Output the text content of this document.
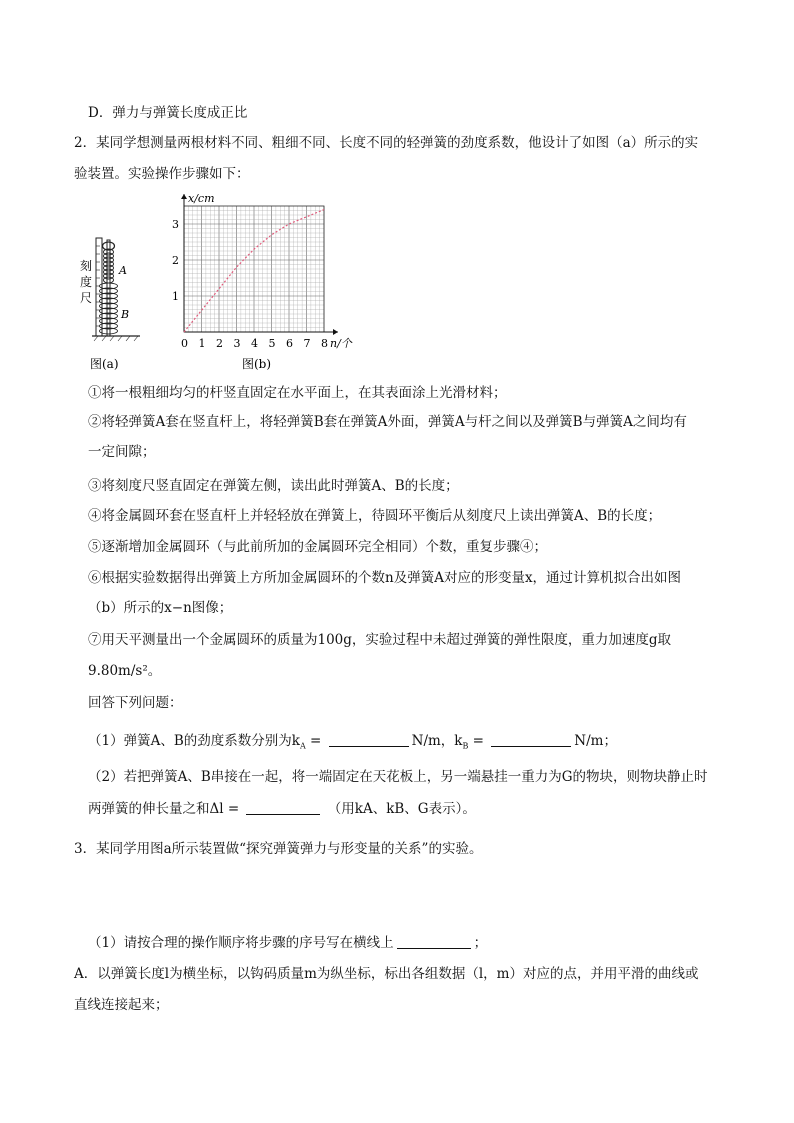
D．弹力与弹簧长度成正比
2．某同学想测量两根材料不同、粗细不同、长度不同的轻弹簧的劲度系数，他设计了如图（a）所示的实
验装置。实验操作步骤如下：
刻
度
尺
A
B
图(a)
0 1 2 3 4 5 6 7 8
1
2
3
x/cm
n/个
图(b)
①将一根粗细均匀的杆竖直固定在水平面上，在其表面涂上光滑材料；
②将轻弹簧A套在竖直杆上，将轻弹簧B套在弹簧A外面，弹簧A与杆之间以及弹簧B与弹簧A之间均有
一定间隙；
③将刻度尺竖直固定在弹簧左侧，读出此时弹簧A、B的长度；
④将金属圆环套在竖直杆上并轻轻放在弹簧上，待圆环平衡后从刻度尺上读出弹簧A、B的长度；
⑤逐渐增加金属圆环（与此前所加的金属圆环完全相同）个数，重复步骤④；
⑥根据实验数据得出弹簧上方所加金属圆环的个数n及弹簧A对应的形变量x，通过计算机拟合出如图
（b）所示的x−n图像；
⑦用天平测量出一个金属圆环的质量为100g，实验过程中未超过弹簧的弹性限度，重力加速度g取
9.80m/s²。
回答下列问题：
（1）弹簧A、B的劲度系数分别为$k_A$ =	N/m，$k_B$ =	N/m；
（2）若把弹簧A、B串接在一起，将一端固定在天花板上，另一端悬挂一重力为G的物块，则物块静止时
两弹簧的伸长量之和Δl =	（用kA、kB、G表示）。
3．某同学用图a所示装置做“探究弹簧弹力与形变量的关系”的实验。
（1）请按合理的操作顺序将步骤的序号写在横线上	；
A．以弹簧长度l为横坐标，以钩码质量m为纵坐标，标出各组数据（l，m）对应的点，并用平滑的曲线或
直线连接起来；
